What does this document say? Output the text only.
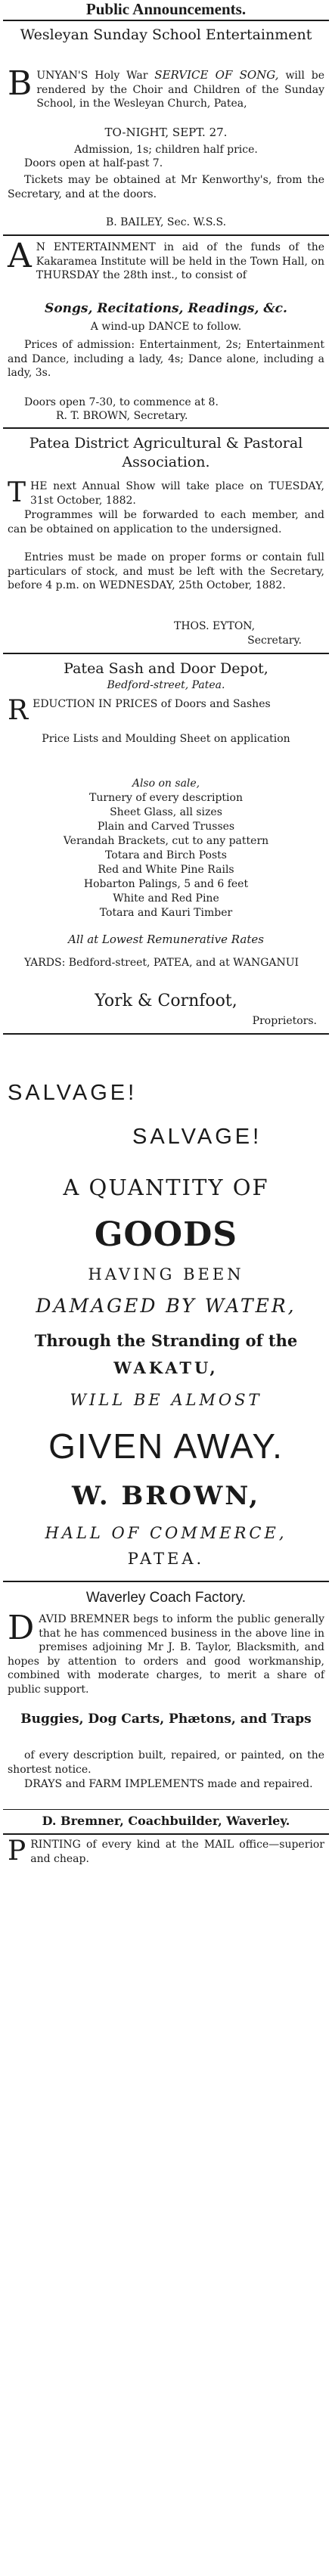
Public Announcements.
Wesleyan Sunday School Entertainment
B UNYAN'S Holy War SERVICE OF SONG, will be rendered by the Choir and Children of the Sunday School, in the Wesleyan Church, Patea,
TO-NIGHT, SEPT. 27.
Admission, 1s; children half price.
Doors open at half-past 7.
Tickets may be obtained at Mr Kenworthy's, from the Secretary, and at the doors.
B. BAILEY, Sec. W.S.S.
A N ENTERTAINMENT in aid of the funds of the Kakaramea Institute will be held in the Town Hall, on THURSDAY the 28th inst., to consist of
Songs, Recitations, Readings, &c.
A wind-up DANCE to follow.
Prices of admission: Entertainment, 2s; Entertainment and Dance, including a lady, 4s; Dance alone, including a lady, 3s.
Doors open 7-30, to commence at 8.
R. T. BROWN, Secretary.
Patea District Agricultural & Pastoral Association.
T HE next Annual Show will take place on TUESDAY, 31st October, 1882.
Programmes will be forwarded to each member, and can be obtained on application to the undersigned.
Entries must be made on proper forms or contain full particulars of stock, and must be left with the Secretary, before 4 p.m. on WEDNESDAY, 25th October, 1882.
THOS. EYTON,
Secretary.
Patea Sash and Door Depot,
Bedford-street, Patea.
R EDUCTION IN PRICES of Doors and Sashes
Price Lists and Moulding Sheet on application
Also on sale,
Turnery of every description
Sheet Glass, all sizes
Plain and Carved Trusses
Verandah Brackets, cut to any pattern
Totara and Birch Posts
Red and White Pine Rails
Hobarton Palings, 5 and 6 feet
White and Red Pine
Totara and Kauri Timber
All at Lowest Remunerative Rates
YARDS: Bedford-street, PATEA, and at WANGANUI
York & Cornfoot,
Proprietors.
SALVAGE!
SALVAGE!
A QUANTITY OF
GOODS
HAVING BEEN
DAMAGED BY WATER,
Through the Stranding of the
WAKATU,
WILL BE ALMOST
GIVEN AWAY.
W. BROWN,
HALL OF COMMERCE,
PATEA.
Waverley Coach Factory.
D AVID BREMNER begs to inform the public generally that he has commenced business in the above line in premises adjoining Mr J. B. Taylor, Blacksmith, and hopes by attention to orders and good workmanship, combined with moderate charges, to merit a share of public support.
Buggies, Dog Carts, Phætons, and Traps
of every description built, repaired, or painted, on the shortest notice.
DRAYS and FARM IMPLEMENTS made and repaired.
D. Bremner, Coachbuilder, Waverley.
P RINTING of every kind at the MAIL office—superior and cheap.
